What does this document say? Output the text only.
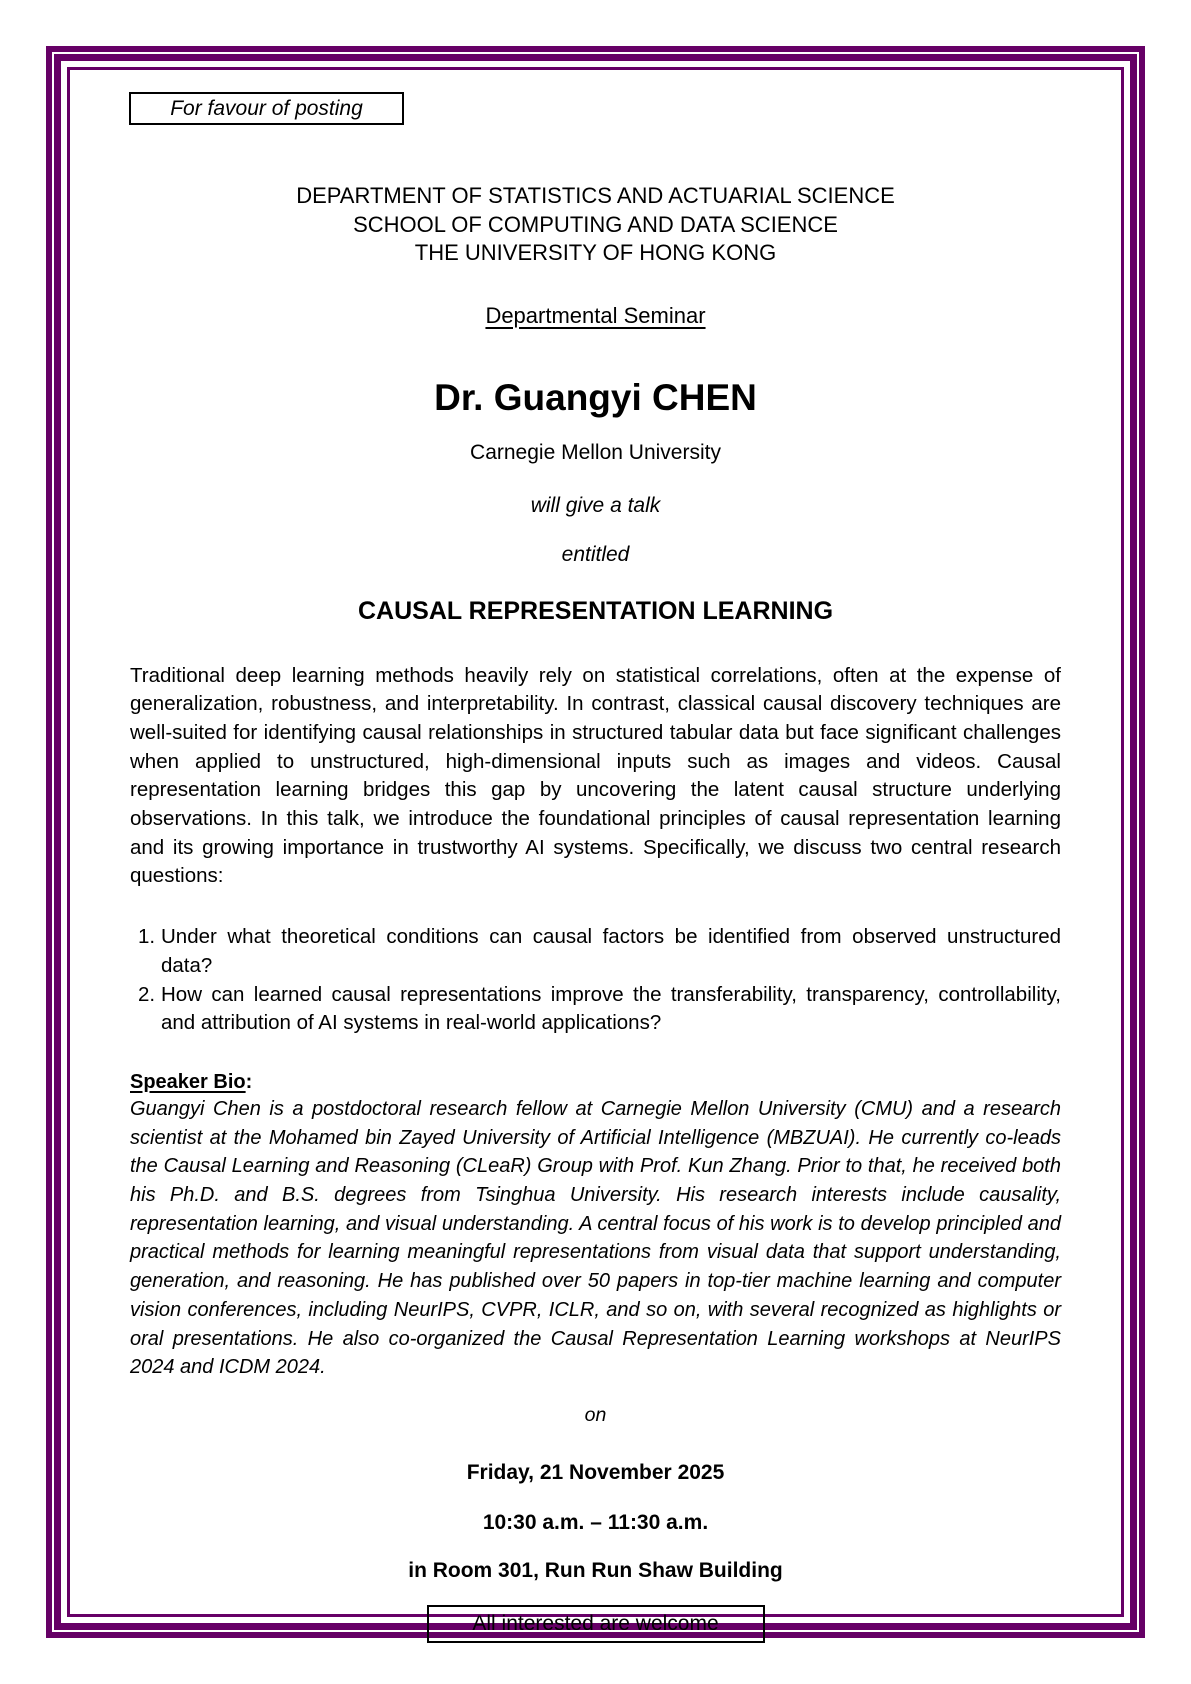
For favour of posting
DEPARTMENT OF STATISTICS AND ACTUARIAL SCIENCE
SCHOOL OF COMPUTING AND DATA SCIENCE
THE UNIVERSITY OF HONG KONG
Departmental Seminar
Dr. Guangyi CHEN
Carnegie Mellon University
will give a talk
entitled
CAUSAL REPRESENTATION LEARNING

Traditional deep learning methods heavily rely on statistical correlations, often at the expense of generalization, robustness, and interpretability. In contrast, classical causal discovery techniques are well-suited for identifying causal relationships in structured tabular data but face significant challenges when applied to unstructured, high-dimensional inputs such as images and videos. Causal representation learning bridges this gap by uncovering the latent causal structure underlying observations. In this talk, we introduce the foundational principles of causal representation learning and its growing importance in trustworthy AI systems. Specifically, we discuss two central research questions:

1. Under what theoretical conditions can causal factors be identified from observed unstructured data?
2. How can learned causal representations improve the transferability, transparency, controllability, and attribution of AI systems in real-world applications?
Speaker Bio:

Guangyi Chen is a postdoctoral research fellow at Carnegie Mellon University (CMU) and a research scientist at the Mohamed bin Zayed University of Artificial Intelligence (MBZUAI). He currently co-leads the Causal Learning and Reasoning (CLeaR) Group with Prof. Kun Zhang. Prior to that, he received both his Ph.D. and B.S. degrees from Tsinghua University. His research interests include causality, representation learning, and visual understanding. A central focus of his work is to develop principled and practical methods for learning meaningful representations from visual data that support understanding, generation, and reasoning. He has published over 50 papers in top-tier machine learning and computer vision conferences, including NeurIPS, CVPR, ICLR, and so on, with several recognized as highlights or oral presentations. He also co-organized the Causal Representation Learning workshops at NeurIPS 2024 and ICDM 2024.

on
Friday, 21 November 2025
10:30 a.m. – 11:30 a.m.
in Room 301, Run Run Shaw Building
All interested are welcome
